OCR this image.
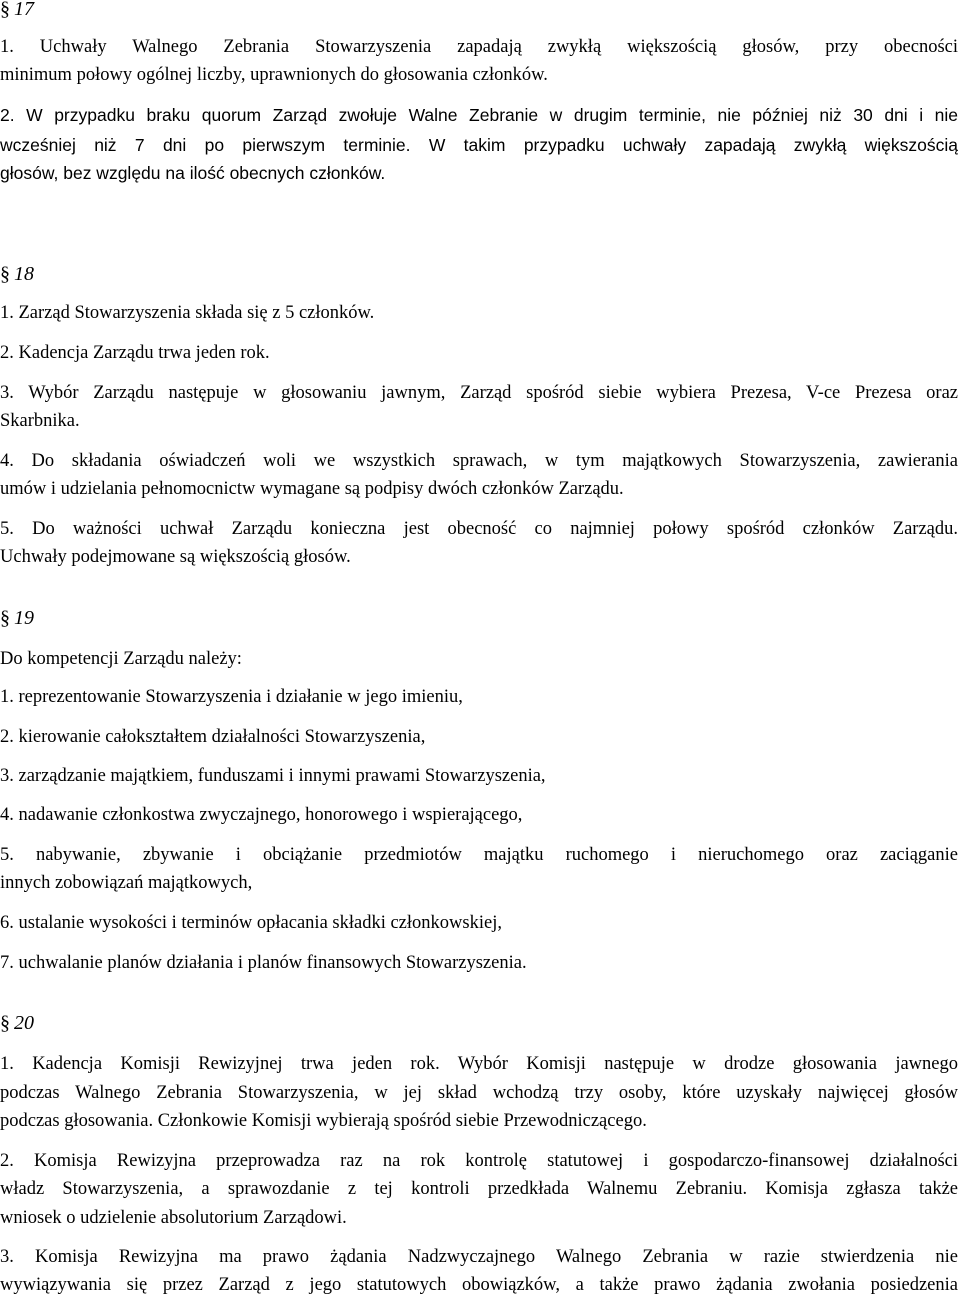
§ 17
1. Uchwały Walnego Zebrania Stowarzyszenia zapadają zwykłą większością głosów, przy obecności
minimum połowy ogólnej liczby, uprawnionych do głosowania członków.
2. W przypadku braku quorum Zarząd zwołuje Walne Zebranie w drugim terminie, nie później niż 30 dni i nie
wcześniej niż 7 dni po pierwszym terminie. W takim przypadku uchwały zapadają zwykłą większością
głosów, bez względu na ilość obecnych członków.
§ 18
1. Zarząd Stowarzyszenia składa się z 5 członków.
2. Kadencja Zarządu trwa jeden rok.
3. Wybór Zarządu następuje w głosowaniu jawnym, Zarząd spośród siebie wybiera Prezesa, V-ce Prezesa oraz
Skarbnika.
4. Do składania oświadczeń woli we wszystkich sprawach, w tym majątkowych Stowarzyszenia, zawierania
umów i udzielania pełnomocnictw wymagane są podpisy dwóch członków Zarządu.
5. Do ważności uchwał Zarządu konieczna jest obecność co najmniej połowy spośród członków Zarządu.
Uchwały podejmowane są większością głosów.
§ 19
Do kompetencji Zarządu należy:
1. reprezentowanie Stowarzyszenia i działanie w jego imieniu,
2. kierowanie całokształtem działalności Stowarzyszenia,
3. zarządzanie majątkiem, funduszami i innymi prawami Stowarzyszenia,
4. nadawanie członkostwa zwyczajnego, honorowego i wspierającego,
5. nabywanie, zbywanie i obciążanie przedmiotów majątku ruchomego i nieruchomego oraz zaciąganie
innych zobowiązań majątkowych,
6. ustalanie wysokości i terminów opłacania składki członkowskiej,
7. uchwalanie planów działania i planów finansowych Stowarzyszenia.
§ 20
1. Kadencja Komisji Rewizyjnej trwa jeden rok. Wybór Komisji następuje w drodze głosowania jawnego
podczas Walnego Zebrania Stowarzyszenia, w jej skład wchodzą trzy osoby, które uzyskały najwięcej głosów
podczas głosowania. Członkowie Komisji wybierają spośród siebie Przewodniczącego.
2. Komisja Rewizyjna przeprowadza raz na rok kontrolę statutowej i gospodarczo-finansowej działalności
władz Stowarzyszenia, a sprawozdanie z tej kontroli przedkłada Walnemu Zebraniu. Komisja zgłasza także
wniosek o udzielenie absolutorium Zarządowi.
3. Komisja Rewizyjna ma prawo żądania Nadzwyczajnego Walnego Zebrania w razie stwierdzenia nie
wywiązywania się przez Zarząd z jego statutowych obowiązków, a także prawo żądania zwołania posiedzenia
